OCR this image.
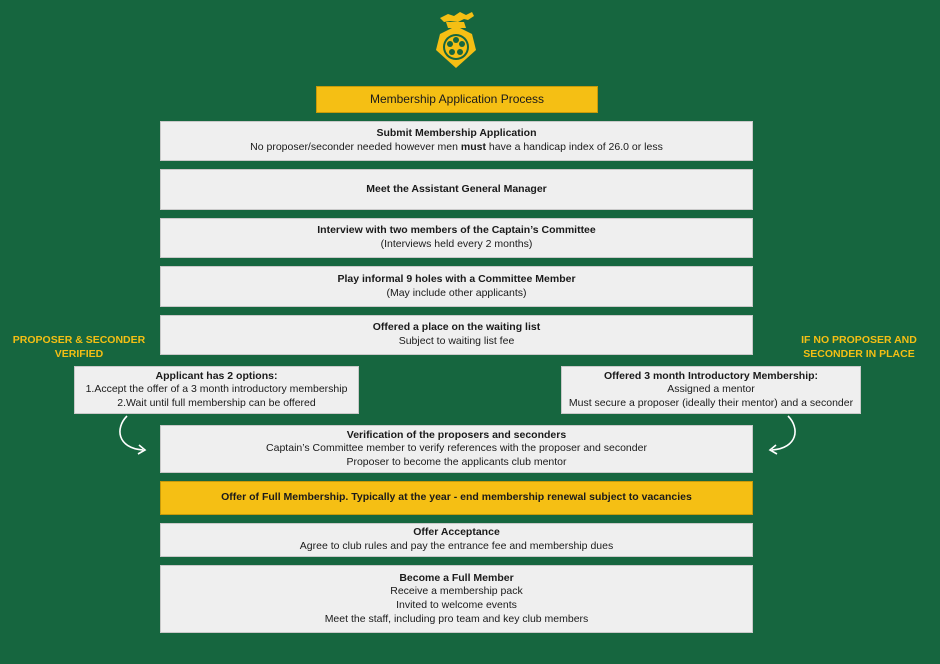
Membership Application Process
Submit Membership Application
No proposer/seconder needed however men must have a handicap index of 26.0 or less
Meet the Assistant General Manager
Interview with two members of the Captain’s Committee
(Interviews held every 2 months)
Play informal 9 holes with a Committee Member
(May include other applicants)
Offered a place on the waiting list
Subject to waiting list fee
PROPOSER & SECONDER
VERIFIED
IF NO PROPOSER AND
SECONDER IN PLACE
Applicant has 2 options:
1.Accept the offer of a 3 month introductory membership
2.Wait until full membership can be offered
Offered 3 month Introductory Membership:
Assigned a mentor
Must secure a proposer (ideally their mentor) and a seconder
Verification of the proposers and seconders
Captain’s Committee member to verify references with the proposer and seconder
Proposer to become the applicants club mentor
Offer of Full Membership. Typically at the year - end membership renewal subject to vacancies
Offer Acceptance
Agree to club rules and pay the entrance fee and membership dues
Become a Full Member
Receive a membership pack
Invited to welcome events
Meet the staff, including pro team and key club members
